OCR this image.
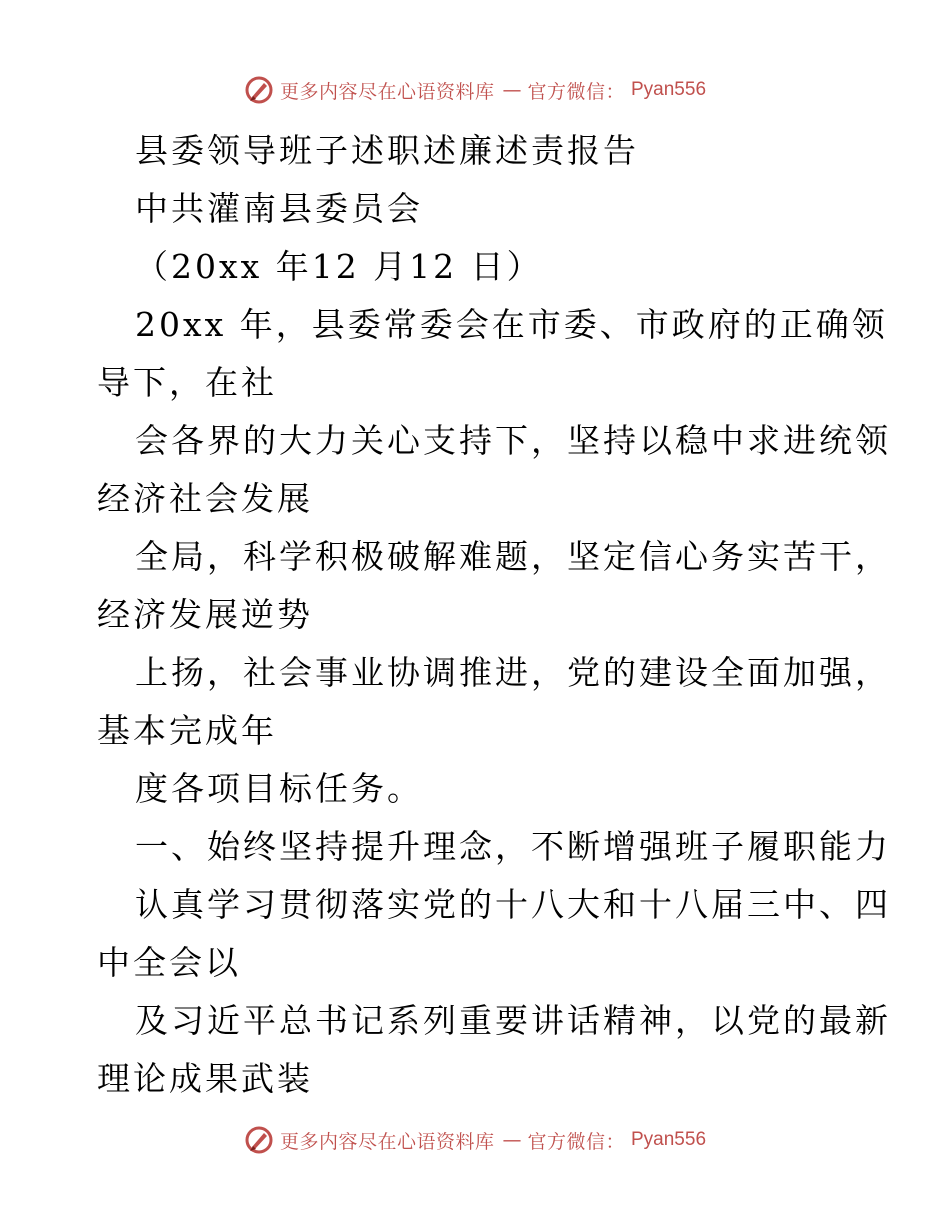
更多内容尽在心语资料库 — 官方微信： Pyan556
县委领导班子述职述廉述责报告
中共灌南县委员会
（20xx 年12 月12 日）
20xx 年，县委常委会在市委、市政府的正确领
导下，在社
会各界的大力关心支持下，坚持以稳中求进统领
经济社会发展
全局，科学积极破解难题，坚定信心务实苦干，
经济发展逆势
上扬，社会事业协调推进，党的建设全面加强，
基本完成年
度各项目标任务。
一、始终坚持提升理念，不断增强班子履职能力
认真学习贯彻落实党的十八大和十八届三中、四
中全会以
及习近平总书记系列重要讲话精神，以党的最新
理论成果武装
更多内容尽在心语资料库 — 官方微信： Pyan556
